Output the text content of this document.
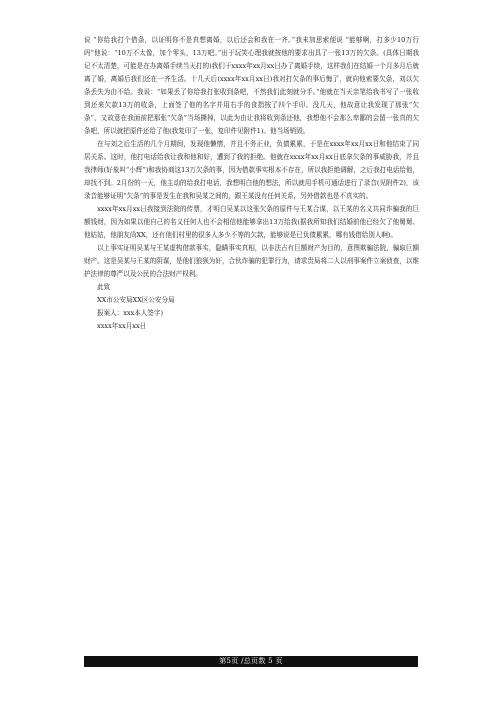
说 “你给我打个借条，以证明你不是真想离婚，以后还会和我在一齐。”我未加思索便说 “能够啊，打多少10万行吗”他说：“10万不太像，加个零头，13万吧。”出于玩笑心理我就按他的要求出具了一张13万的欠条。(具体日期我记不太清楚，可能是在办离婚手续当天打的)我们于xxxx年xx月xx日办了离婚手续，这样我们在结婚一个月多月后就离了婚，离婚后我们还在一齐生活。十几天后(xxxx年xx月xx日)我对打欠条的事后悔了，就向他索要欠条，刘以欠条丢失为由不给。我说：“如果丢了你给我打张收到条吧，不然我们此刻就分手。”他就在当天亲笔给我书写了一张收到还来欠款13万的收条，上面签了他的名字并用右手的食指按了四个手印。没几天，他故意让我发现了那张“欠条”，又故意在我面前把那张“欠条”当场撕掉，以此为由让我将收到条还他，我想他不会那么卑鄙的会留一张真的欠条吧，所以就把原件还给了他(我复印了一张，复印件见附件1)。他当场销毁。

在与刘之后生活的几个月期间，发现他懒惰，并且不务正业，负债累累，于是在xxxx年xx月xx日和他结束了同居关系。这时，他打电话给我让我和他和好，遭到了我的拒绝。他就在xxxx年xx月xx日底拿欠条的事威胁我，并且我律师(好象叫“小辉”)和我协商这13万欠条的事，因为借款事实根本不存在，所以我拒绝调解，之后我打电话给他，却找不到。2月份的一天，他主动的给我打电话，我想明白他的想法，所以就用手机可通话进行了录音(见附件2)，该录音能够证明“欠条”的事是发生在我和吴某之间的，跟王某没有任何关系，另外借款也是不真实的。

xxxx年xx月xx日我接到法院的传票，才明白吴某以这张欠条的原件与王某合谋，以王某的名义共同诈骗我的巨额钱财，因为如果以他自己的名义任何人也不会相信他能够拿出13万给我(据我所知我们结婚前他已经欠了他舅舅、他姑姑，他朋友尚XX，还有他们村里的很多人多少不等的欠款，能够说是已负债累累，哪有钱借给别人啊)。

以上事实证明吴某与王某虚构借款事实，隐瞒事实真相，以非法占有巨额财产为目的，意图欺骗法院，骗取巨额财产。这是吴某与王某的阴谋，是他们狼狈为奸，合伙诈骗的犯罪行为，请求贵局将二人以刑事案件立案侦查，以维护法律的尊严以及公民的合法财产权利。

此致

XX市公安局XX区公安分局

报案人：xxx本人签字)

xxxx年xx月xx日

第5页 /总页数 5 页
